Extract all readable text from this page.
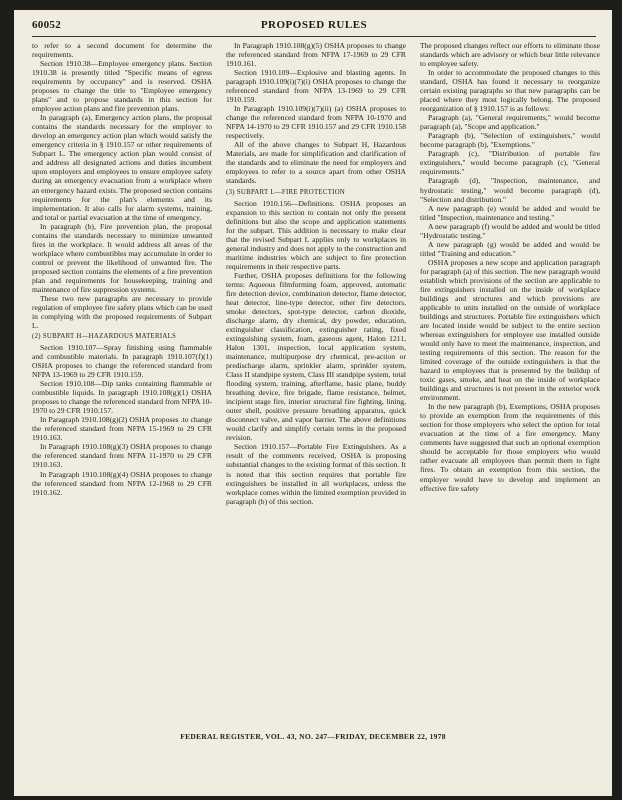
60052	PROPOSED RULES

to refer to a second document for determine the requirements.

Section 1910.38—Employee emergency plans. Section 1910.38 is presently titled "Specific means of egress requirements by occupancy" and is reserved. OSHA proposes to change the title to "Employee emergency plans" and to propose standards in this section for employee action plans and fire prevention plans.

In paragraph (a), Emergency action plans, the proposal contains the standards necessary for the employer to develop an emergency action plan which would satisfy the emergency criteria in § 1910.157 or other requirements of Subpart L. The emergency action plan would consist of and address all designated actions and duties incumbent upon employers and employees to ensure employee safety during an emergency evacuation from a workplace where an emergency hazard exists. The proposed section contains requirements for the plan's elements and its implementation. It also calls for alarm systems, training, and total or partial evacuation at the time of emergency.

In paragraph (b), Fire prevention plan, the proposal contains the standards necessary to minimize unwanted fires in the workplace. It would address all areas of the workplace where combustibles may accumulate in order to control or prevent the likelihood of unwanted fire. The proposed section contains the elements of a fire prevention plan and requirements for housekeeping, training and maintenance of fire suppression systems.

These two new paragraphs are necessary to provide regulation of employee fire safety plans which can be used in complying with the proposed requirements of Subpart L.

(2) SUBPART H—HAZARDOUS MATERIALS

Section 1910.107—Spray finishing using flammable and combustible materials. In paragraph 1910.107(f)(1) OSHA proposes to change the referenced standard from NFPA 13-1969 to 29 CFR 1910.159.

Section 1910.108—Dip tanks containing flammable or combustible liquids. In paragraph 1910.108(g)(1) OSHA proposes to change the referenced standard from NFPA 10-1970 to 29 CFR 1910.157.

In Paragraph 1910.108(g)(2) OSHA proposes .to change the referenced standard from NFPA 15-1969 to 29 CFR 1910.163.

In Paragraph 1910.108(g)(3) OSHA proposes to change the referenced standard from NFPA 11-1970 to 29 CFR 1910.163.

In Paragraph 1910.108(g)(4) OSHA proposes to change the referenced standard from NFPA 12-1968 to 29 CFR 1910.162.

In Paragraph 1910.108(g)(5) OSHA proposes to change the referenced standard from NFPA 17-1969 to 29 CFR 1910.161.

Section 1910.109—Explosive and blasting agents. In paragraph 1910.109(i)(7)(i) OSHA proposes to change the referenced standard from NFPA 13-1969 to 29 CFR 1910.159.

In Paragraph 1910.109(i)(7)(ii) (a) OSHA proposes to change the referenced standard from NFPA 10-1970 and NFPA 14-1970 to 29 CFR 1910.157 and 29 CFR 1910.158 respectively.

All of the above changes to Subpart H, Hazardous Materials, are made for simplification and clarification of the standards and to eliminate the need for employers and employees to refer to a source apart from other OSHA standards.

(3) SUBPART L—FIRE PROTECTION

Section 1910.156—Definitions. OSHA proposes an expansion to this section to contain not only the present definitions but also the scope and application statements for the subpart. This addition is necessary to make clear that the revised Subpart L applies only to workplaces in general industry and does not apply to the construction and maritime industries which are subject to fire protection requirements in their respective parts.

Further, OSHA proposes definitions for the following terms: Aqueous filmforming foam, approved, automatic fire detection device, combination detector, flame detector, heat detector, line-type detector, other fire detectors, smoke detectors, spot-type detector, carbon dioxide, discharge alarm, dry chemical, dry powder, education, extinguisher classification, extinguisher rating, fixed extinguishing system, foam, gaseous agent, Halon 1211, Halon 1301, inspection, local application system, maintenance, multipurpose dry chemical, pre-action or predischarge alarm, sprinkler alarm, sprinkler system, Class II standpipe system, Class III standpipe system, total flooding system, training, afterflame, basic plane, buddy breathing device, fire brigade, flame resistance, helmet, incipient stage fire, interior structural fire fighting, lining, outer shell, positive pressure breathing apparatus, quick disconnect valve, and vapor barrier. The above definitions would clarify and simplify certain terms in the proposed revision.

Section 1910.157—Portable Fire Extinguishers. As a result of the comments received, OSHA is proposing substantial changes to the existing format of this section. It is noted that this section requires that portable fire extinguishers be installed in all workplaces, unless the workplace comes within the limited exemption provided in paragraph (b) of this section.

The proposed changes reflect our efforts to eliminate those standards which are advisory or which bear little relevance to employee safety.

In order to accommodate the proposed changes to this standard, OSHA has found it necessary to reorganize certain existing paragraphs so that new paragraphs can be placed where they most logically belong. The proposed reorganization of § 1910.157 is as follows:

Paragraph (a), "General requirements," would become paragraph (a), "Scope and application."

Paragraph (b), "Selection of extinguishers," would become paragraph (b), "Exemptions."

Paragraph (c), "Distribution of portable fire extinguishers," would become paragraph (c), "General requirements."

Paragraph (d), "Inspection, maintenance, and hydrostatic testing," would become paragraph (d), "Selection and distribution."

A new paragraph (e) would be added and would be titled "Inspection, maintenance and testing."

A new paragraph (f) would be added and would be titled "Hydrostatic testing."

A new paragraph (g) would be added and would be titled "Training and education."

OSHA proposes a new scope and application paragraph for paragraph (a) of this section. The new paragraph would establish which provisions of the section are applicable to fire extinguishers installed on the inside of workplace buildings and structures and which provisions are applicable to units installed on the outside of workplace buildings and structures. Portable fire extinguishers which are located inside would be subject to the entire section whereas extinguishers for employee use installed outside would only have to meet the maintenance, inspection, and testing requirements of this section. The reason for the limited coverage of the outside extinguishers is that the hazard to employees that is presented by the buildup of toxic gases, smoke, and heat on the inside of workplace buildings and structures is not present in the exterior work environment.

In the new paragraph (b), Exemptions, OSHA proposes to provide an exemption from the requirements of this section for those employers who select the option for total evacuation at the time of a fire emergency. Many comments have suggested that such an optional exemption should be acceptable for those employers who would rather evacuate all employees than permit them to fight fires. To obtain an exemption from this section, the employer would have to develop and implement an effective fire safety

FEDERAL REGISTER, VOL. 43, NO. 247—FRIDAY, DECEMBER 22, 1978
